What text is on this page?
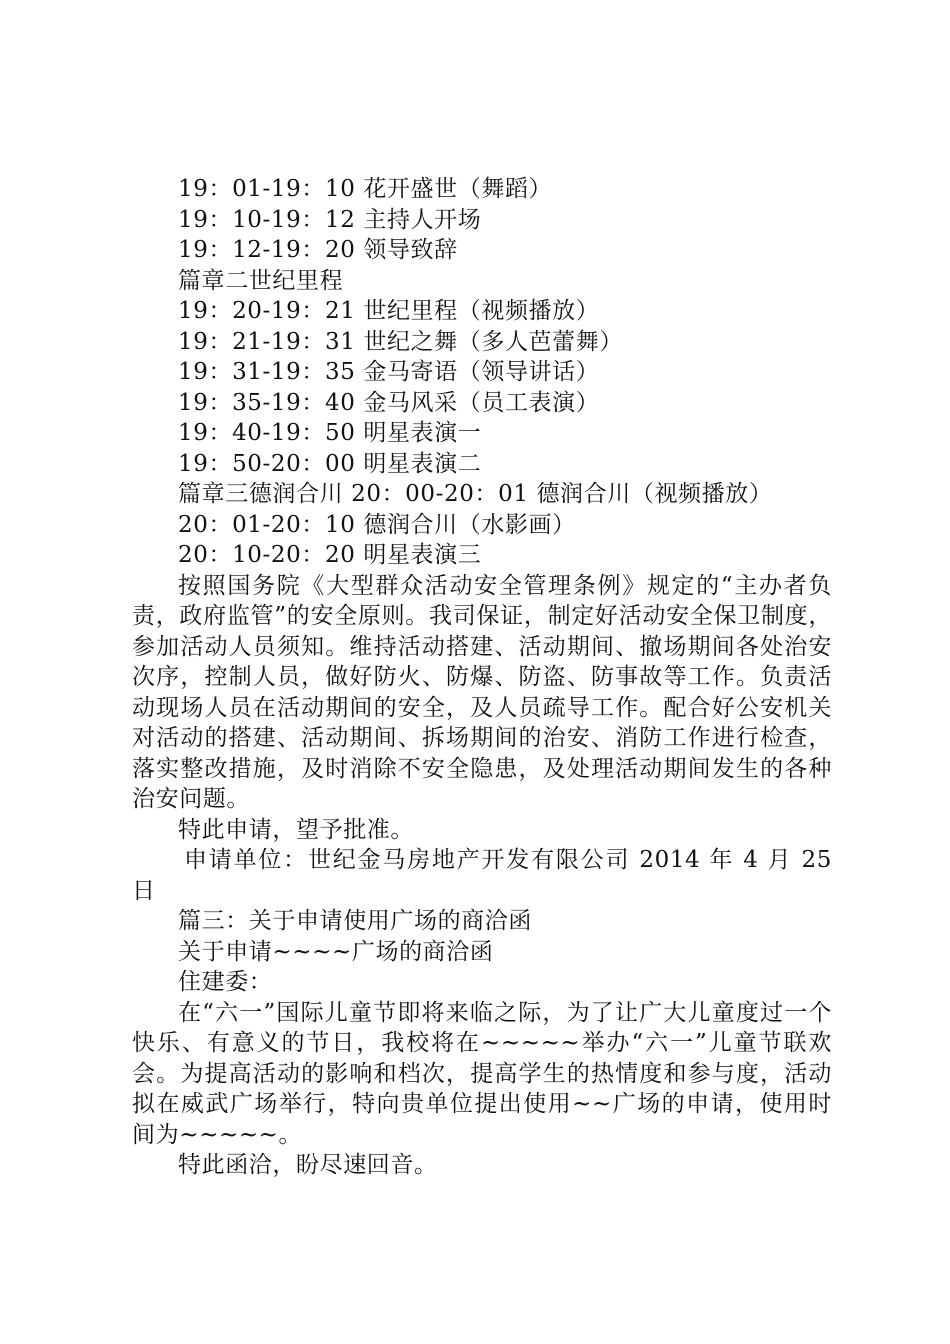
19：01-19：10 花开盛世（舞蹈）
19：10-19：12 主持人开场
19：12-19：20 领导致辞
篇章二世纪里程
19：20-19：21 世纪里程（视频播放）
19：21-19：31 世纪之舞（多人芭蕾舞）
19：31-19：35 金马寄语（领导讲话）
19：35-19：40 金马风采（员工表演）
19：40-19：50 明星表演一
19：50-20：00 明星表演二
篇章三德润合川 20：00-20：01 德润合川（视频播放）
20：01-20：10 德润合川（水影画）
20：10-20：20 明星表演三

按照国务院《大型群众活动安全管理条例》规定的“主办者负责，政府监管”的安全原则。我司保证，制定好活动安全保卫制度，参加活动人员须知。维持活动搭建、活动期间、撤场期间各处治安次序，控制人员，做好防火、防爆、防盗、防事故等工作。负责活动现场人员在活动期间的安全，及人员疏导工作。配合好公安机关对活动的搭建、活动期间、拆场期间的治安、消防工作进行检查，落实整改措施，及时消除不安全隐患，及处理活动期间发生的各种治安问题。

特此申请，望予批准。

申请单位：世纪金马房地产开发有限公司 2014 年 4 月 25 日

篇三：关于申请使用广场的商洽函
关于申请~~~~广场的商洽函
住建委：

在“六一”国际儿童节即将来临之际，为了让广大儿童度过一个快乐、有意义的节日，我校将在~~~~~举办“六一”儿童节联欢会。为提高活动的影响和档次，提高学生的热情度和参与度，活动拟在威武广场举行，特向贵单位提出使用~~广场的申请，使用时间为~~~~~。

特此函洽，盼尽速回音。
